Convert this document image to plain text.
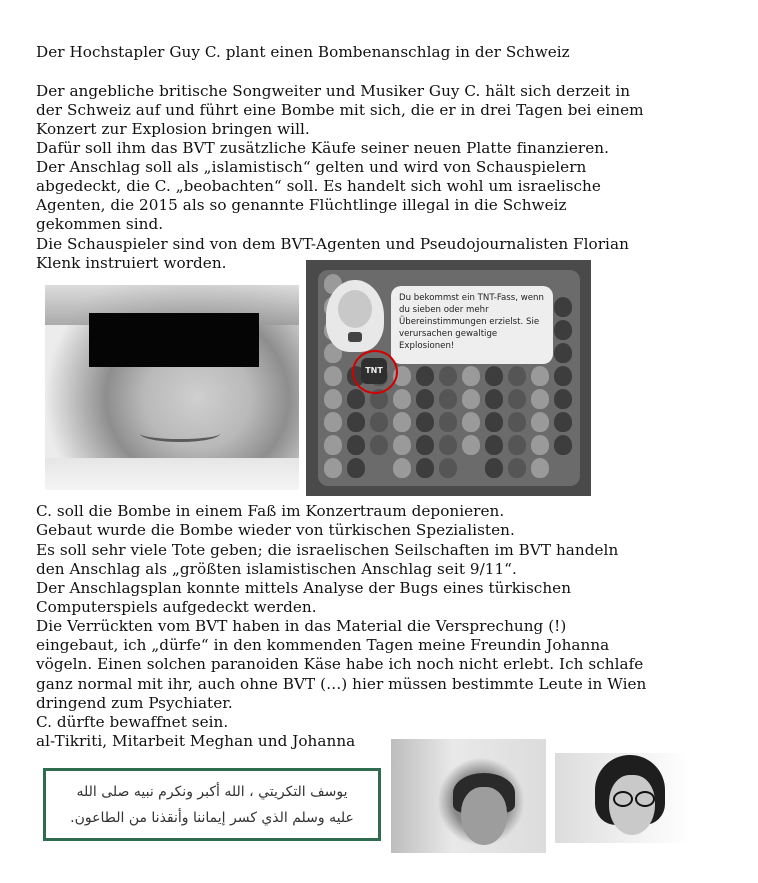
Der Hochstapler Guy C. plant einen Bombenanschlag in der Schweiz

Der angebliche britische Songweiter und Musiker Guy C. hält sich derzeit in

der Schweiz auf und führt eine Bombe mit sich, die er in drei Tagen bei einem

Konzert zur Explosion bringen will.

Dafür soll ihm das BVT zusätzliche Käufe seiner neuen Platte finanzieren.

Der Anschlag soll als „islamistisch“ gelten und wird von Schauspielern

abgedeckt, die C. „beobachten“ soll. Es handelt sich wohl um israelische

Agenten, die 2015 als so genannte Flüchtlinge illegal in die Schweiz

gekommen sind.

Die Schauspieler sind von dem BVT-Agenten und Pseudojournalisten Florian

Klenk instruiert worden.

Du bekommst ein TNT-Fass, wenn du sieben oder mehr Übereinstimmungen erzielst. Sie verursachen gewaltige Explosionen!
TNT

C. soll die Bombe in einem Faß im Konzertraum deponieren.

Gebaut wurde die Bombe wieder von türkischen Spezialisten.

Es soll sehr viele Tote geben; die israelischen Seilschaften im BVT handeln

den Anschlag als „größten islamistischen Anschlag seit 9/11“.

Der Anschlagsplan konnte mittels Analyse der Bugs eines türkischen

Computerspiels aufgedeckt werden.

Die Verrückten vom BVT haben in das Material die Versprechung (!)

eingebaut, ich „dürfe“ in den kommenden Tagen meine Freundin Johanna

vögeln. Einen solchen paranoiden Käse habe ich noch nicht erlebt. Ich schlafe

ganz normal mit ihr, auch ohne BVT (…) hier müssen bestimmte Leute in Wien

dringend zum Psychiater.

C. dürfte bewaffnet sein.

al-Tikriti, Mitarbeit Meghan und Johanna

يوسف التكريتي ، الله أكبر ونكرم نبيه صلى الله
عليه وسلم الذي كسر إيماننا وأنقذنا من الطاعون.
